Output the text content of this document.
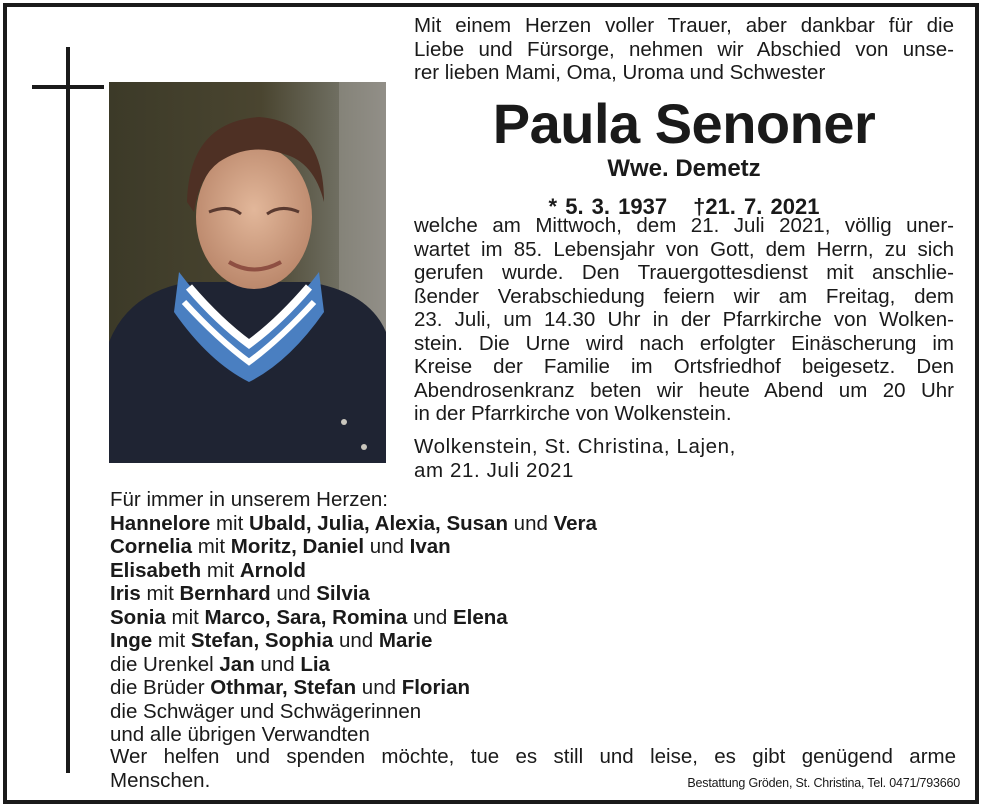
Mit einem Herzen voller Trauer, aber dankbar für die
Liebe und Fürsorge, nehmen wir Abschied von unse-
rer lieben Mami, Oma, Uroma und Schwester
Paula Senoner
Wwe. Demetz
* 5. 3. 1937 †21. 7. 2021
welche am Mittwoch, dem 21. Juli 2021, völlig uner-
wartet im 85. Lebensjahr von Gott, dem Herrn, zu sich
gerufen wurde. Den Trauergottesdienst mit anschlie-
ßender Verabschiedung feiern wir am Freitag, dem
23. Juli, um 14.30 Uhr in der Pfarrkirche von Wolken-
stein. Die Urne wird nach erfolgter Einäscherung im
Kreise der Familie im Ortsfriedhof beigesetz. Den
Abendrosenkranz beten wir heute Abend um 20 Uhr
in der Pfarrkirche von Wolkenstein.
Wolkenstein, St. Christina, Lajen,
am 21. Juli 2021
Für immer in unserem Herzen:
Hannelore mit Ubald, Julia, Alexia, Susan und Vera
Cornelia mit Moritz, Daniel und Ivan
Elisabeth mit Arnold
Iris mit Bernhard und Silvia
Sonia mit Marco, Sara, Romina und Elena
Inge mit Stefan, Sophia und Marie
die Urenkel Jan und Lia
die Brüder Othmar, Stefan und Florian
die Schwäger und Schwägerinnen
und alle übrigen Verwandten
Wer helfen und spenden möchte, tue es still und leise, es gibt genügend arme
Menschen.	Bestattung Gröden, St. Christina, Tel. 0471/793660
